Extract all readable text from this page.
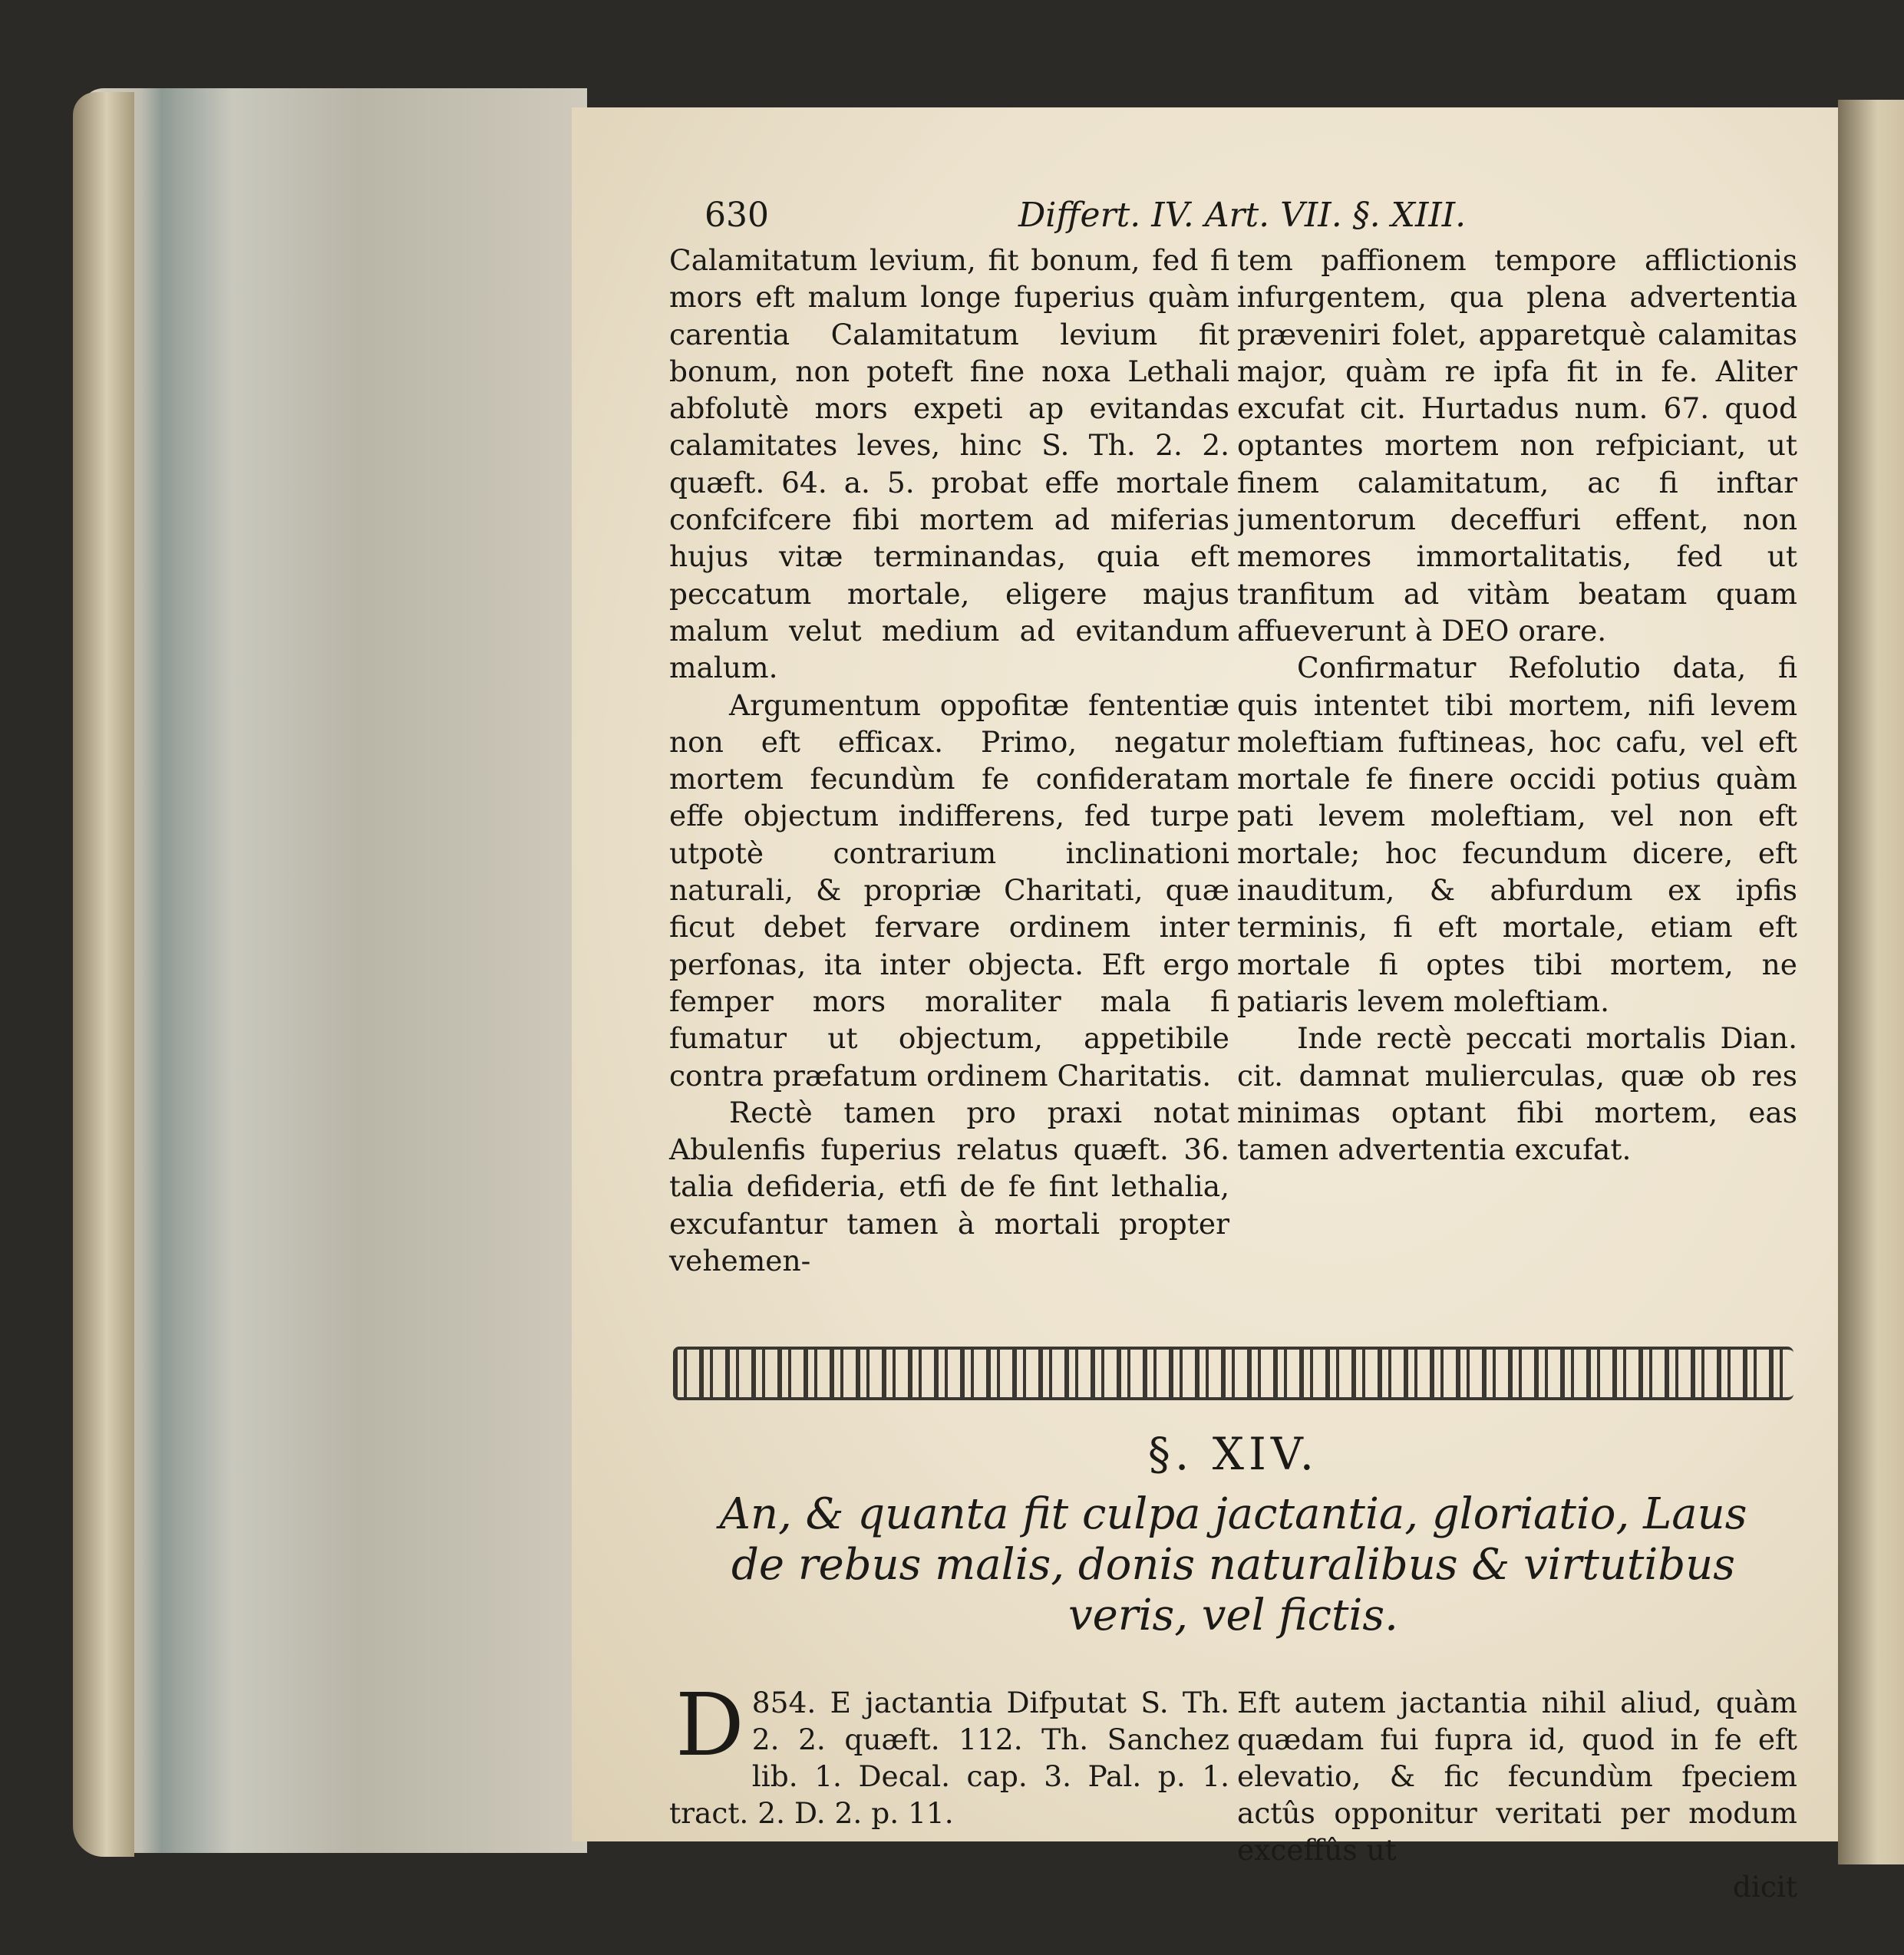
630	Differt. IV. Art. VII. §. XIII.

Calamitatum levium, fit bonum, fed fi mors eft malum longe fuperius quàm carentia Calamitatum levium fit bonum, non poteft fine noxa Lethali abfolutè mors expeti ap evitandas calamitates leves, hinc S. Th. 2. 2. quæft. 64. a. 5. probat effe mortale confcifcere fibi mortem ad miferias hujus vitæ terminandas, quia eft peccatum mortale, eligere majus malum velut medium ad evitandum malum.

Argumentum oppofitæ fententiæ non eft efficax. Primo, negatur mortem fecundùm fe confideratam effe objectum indifferens, fed turpe utpotè contrarium inclinationi naturali, & propriæ Charitati, quæ ficut debet fervare ordinem inter perfonas, ita inter objecta. Eft ergo femper mors moraliter mala fi fumatur ut objectum, appetibile contra præfatum ordinem Charitatis.

Rectè tamen pro praxi notat Abulenfis fuperius relatus quæft. 36. talia defideria, etfi de fe fint lethalia, excufantur tamen à mortali propter vehemen-

tem paffionem tempore afflictionis infurgentem, qua plena advertentia præveniri folet, apparetquè calamitas major, quàm re ipfa fit in fe. Aliter excufat cit. Hurtadus num. 67. quod optantes mortem non refpiciant, ut finem calamitatum, ac fi inftar jumentorum deceffuri effent, non memores immortalitatis, fed ut tranfitum ad vitàm beatam quam affueverunt à DEO orare.

Confirmatur Refolutio data, fi quis intentet tibi mortem, nifi levem moleftiam fuftineas, hoc cafu, vel eft mortale fe finere occidi potius quàm pati levem moleftiam, vel non eft mortale; hoc fecundum dicere, eft inauditum, & abfurdum ex ipfis terminis, fi eft mortale, etiam eft mortale fi optes tibi mortem, ne patiaris levem moleftiam.

Inde rectè peccati mortalis Dian. cit. damnat mulierculas, quæ ob res minimas optant fibi mortem, eas tamen advertentia excufat.

§. XIV.
An, & quanta fit culpa jactantia, gloriatio, Laus
de rebus malis, donis naturalibus & virtutibus
veris, vel fictis.

854.
D	E jactantia Difputat S. Th. 2. 2. quæft. 112. Th. Sanchez lib. 1. Decal. cap. 3. Pal. p. 1. tract. 2. D. 2. p. 11.

Eft autem jactantia nihil aliud, quàm quædam fui fupra id, quod in fe eft elevatio, & fic fecundùm fpeciem actûs opponitur veritati per modum exceffûs ut

dicit
